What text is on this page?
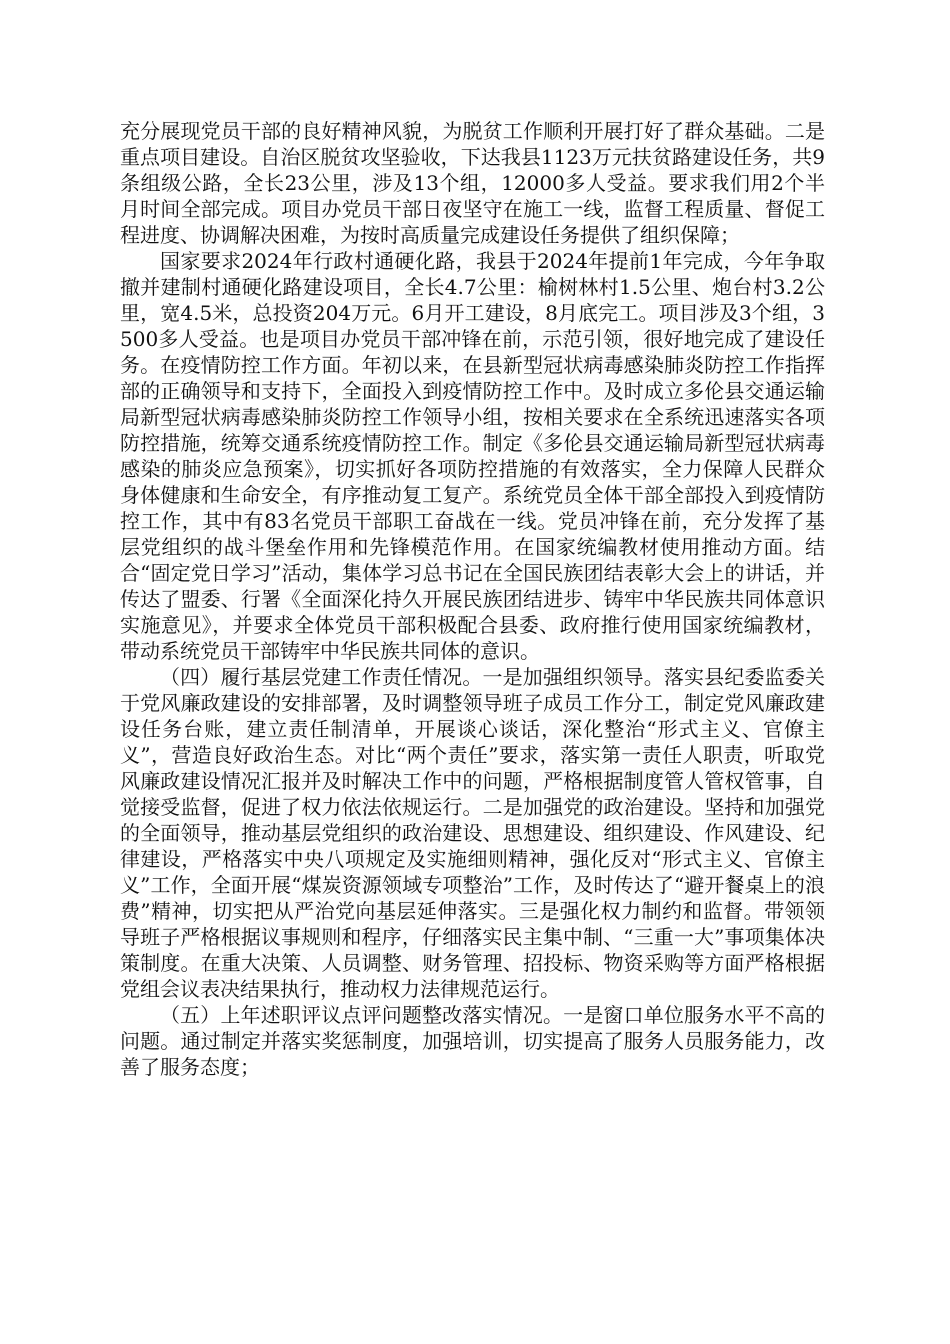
充分展现党员干部的良好精神风貌，为脱贫工作顺利开展打好了群众基础。二是重点项目建设。自治区脱贫攻坚验收，下达我县1123万元扶贫路建设任务，共9条组级公路，全长23公里，涉及13个组，12000多人受益。要求我们用2个半月时间全部完成。项目办党员干部日夜坚守在施工一线，监督工程质量、督促工程进度、协调解决困难，为按时高质量完成建设任务提供了组织保障；

国家要求2024年行政村通硬化路，我县于2024年提前1年完成，今年争取撤并建制村通硬化路建设项目，全长4.7公里：榆树林村1.5公里、炮台村3.2公里，宽4.5米，总投资204万元。6月开工建设，8月底完工。项目涉及3个组，3500多人受益。也是项目办党员干部冲锋在前，示范引领，很好地完成了建设任务。在疫情防控工作方面。年初以来，在县新型冠状病毒感染肺炎防控工作指挥部的正确领导和支持下，全面投入到疫情防控工作中。及时成立多伦县交通运输局新型冠状病毒感染肺炎防控工作领导小组，按相关要求在全系统迅速落实各项防控措施，统筹交通系统疫情防控工作。制定《多伦县交通运输局新型冠状病毒感染的肺炎应急预案》，切实抓好各项防控措施的有效落实，全力保障人民群众身体健康和生命安全，有序推动复工复产。系统党员全体干部全部投入到疫情防控工作，其中有83名党员干部职工奋战在一线。党员冲锋在前，充分发挥了基层党组织的战斗堡垒作用和先锋模范作用。在国家统编教材使用推动方面。结合“固定党日学习”活动，集体学习总书记在全国民族团结表彰大会上的讲话，并传达了盟委、行署《全面深化持久开展民族团结进步、铸牢中华民族共同体意识实施意见》，并要求全体党员干部积极配合县委、政府推行使用国家统编教材，带动系统党员干部铸牢中华民族共同体的意识。

（四）履行基层党建工作责任情况。一是加强组织领导。落实县纪委监委关于党风廉政建设的安排部署，及时调整领导班子成员工作分工，制定党风廉政建设任务台账，建立责任制清单，开展谈心谈话，深化整治“形式主义、官僚主义”，营造良好政治生态。对比“两个责任”要求，落实第一责任人职责，听取党风廉政建设情况汇报并及时解决工作中的问题，严格根据制度管人管权管事，自觉接受监督，促进了权力依法依规运行。二是加强党的政治建设。坚持和加强党的全面领导，推动基层党组织的政治建设、思想建设、组织建设、作风建设、纪律建设，严格落实中央八项规定及实施细则精神，强化反对“形式主义、官僚主义”工作，全面开展“煤炭资源领域专项整治”工作，及时传达了“避开餐桌上的浪费”精神，切实把从严治党向基层延伸落实。三是强化权力制约和监督。带领领导班子严格根据议事规则和程序，仔细落实民主集中制、“三重一大”事项集体决策制度。在重大决策、人员调整、财务管理、招投标、物资采购等方面严格根据党组会议表决结果执行，推动权力法律规范运行。

（五）上年述职评议点评问题整改落实情况。一是窗口单位服务水平不高的问题。通过制定并落实奖惩制度，加强培训，切实提高了服务人员服务能力，改善了服务态度；
